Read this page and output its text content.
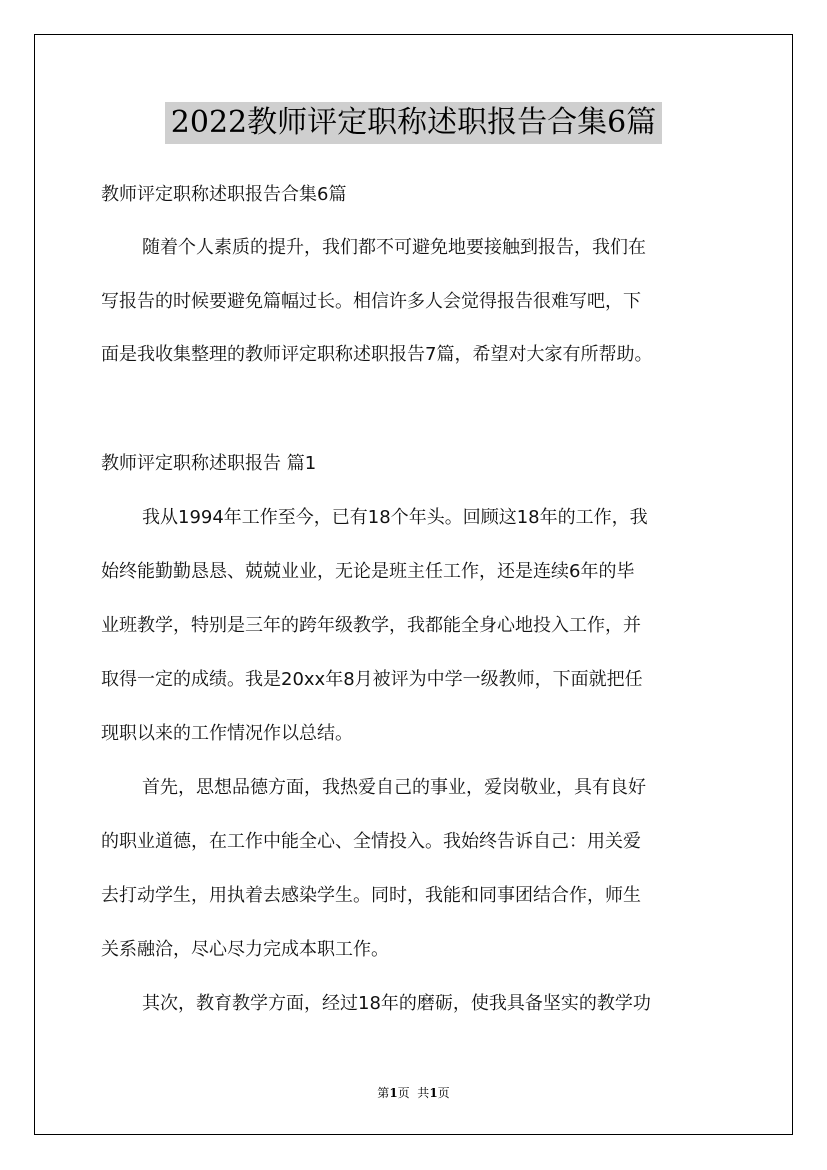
2022教师评定职称述职报告合集6篇
教师评定职称述职报告合集6篇
随着个人素质的提升，我们都不可避免地要接触到报告，我们在
写报告的时候要避免篇幅过长。相信许多人会觉得报告很难写吧，下
面是我收集整理的教师评定职称述职报告7篇，希望对大家有所帮助。
教师评定职称述职报告 篇1
我从1994年工作至今，已有18个年头。回顾这18年的工作，我
始终能勤勤恳恳、兢兢业业，无论是班主任工作，还是连续6年的毕
业班教学，特别是三年的跨年级教学，我都能全身心地投入工作，并
取得一定的成绩。我是20xx年8月被评为中学一级教师，下面就把任
现职以来的工作情况作以总结。
首先，思想品德方面，我热爱自己的事业，爱岗敬业，具有良好
的职业道德，在工作中能全心、全情投入。我始终告诉自己：用关爱
去打动学生，用执着去感染学生。同时，我能和同事团结合作，师生
关系融洽，尽心尽力完成本职工作。
其次，教育教学方面，经过18年的磨砺，使我具备坚实的教学功
第1页  共1页
